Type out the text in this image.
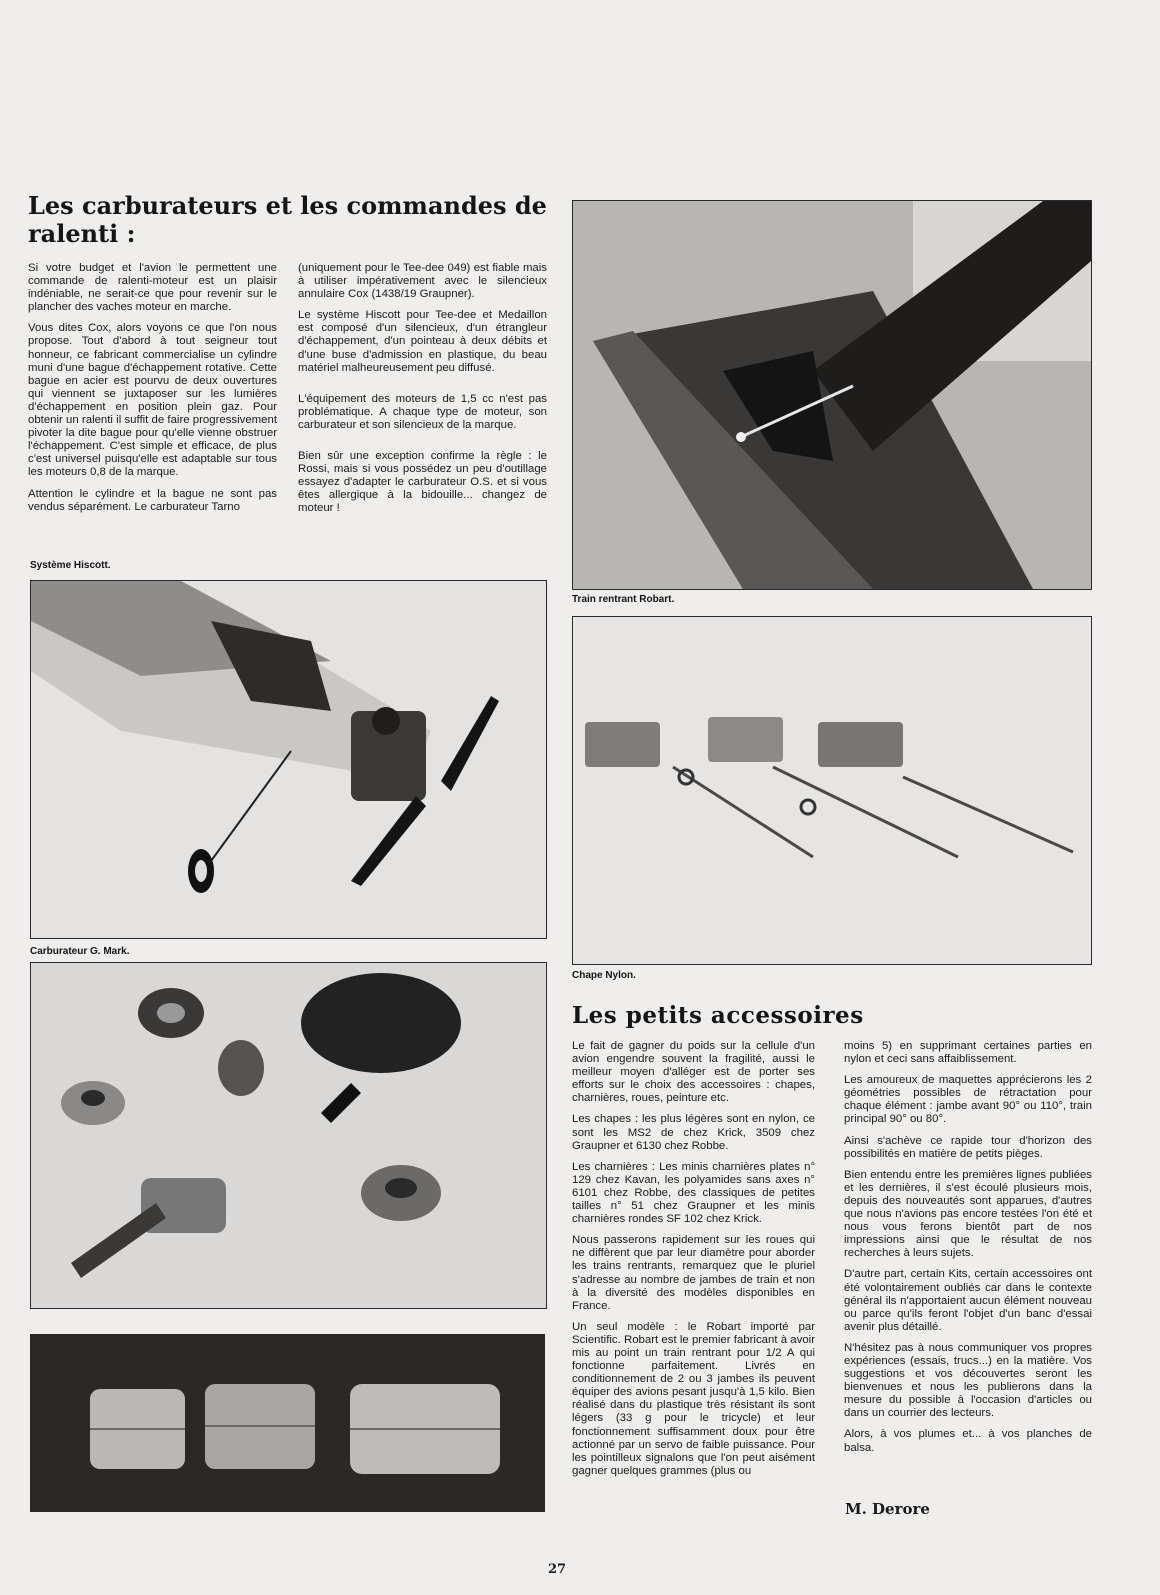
Les carburateurs et les commandes de ralenti :

Si votre budget et l'avion le permettent une commande de ralenti-moteur est un plaisir indéniable, ne serait-ce que pour revenir sur le plancher des vaches moteur en marche.

Vous dites Cox, alors voyons ce que l'on nous propose. Tout d'abord à tout seigneur tout honneur, ce fabricant commercialise un cylindre muni d'une bague d'échappement rotative. Cette bague en acier est pourvu de deux ouvertures qui viennent se juxtaposer sur les lumières d'échappement en position plein gaz. Pour obtenir un ralenti il suffit de faire progressivement pivoter la dite bague pour qu'elle vienne obstruer l'échappement. C'est simple et efficace, de plus c'est universel puisqu'elle est adaptable sur tous les moteurs 0,8 de la marque.

Attention le cylindre et la bague ne sont pas vendus séparément. Le carburateur Tarno

(uniquement pour le Tee-dee 049) est fiable mais à utiliser impérativement avec le silencieux annulaire Cox (1438/19 Graupner).

Le système Hiscott pour Tee-dee et Medaillon est composé d'un silencieux, d'un étrangleur d'échappement, d'un pointeau à deux débits et d'une buse d'admission en plastique, du beau matériel malheureusement peu diffusé.

L'équipement des moteurs de 1,5 cc n'est pas problématique. A chaque type de moteur, son carburateur et son silencieux de la marque.

Bien sûr une exception confirme la règle : le Rossi, mais si vous possédez un peu d'outillage essayez d'adapter le carburateur O.S. et si vous êtes allergique à la bidouille... changez de moteur !

Système Hiscott.
Train rentrant Robart.
Carburateur G. Mark.
Chape Nylon.
Les petits accessoires

Le fait de gagner du poids sur la cellule d'un avion engendre souvent la fragilité, aussi le meilleur moyen d'alléger est de porter ses efforts sur le choix des accessoires : chapes, charnières, roues, peinture etc.

Les chapes : les plus légères sont en nylon, ce sont les MS2 de chez Krick, 3509 chez Graupner et 6130 chez Robbe.

Les charnières : Les minis charnières plates n° 129 chez Kavan, les polyamides sans axes n° 6101 chez Robbe, des classiques de petites tailles n° 51 chez Graupner et les minis charnières rondes SF 102 chez Krick.

Nous passerons rapidement sur les roues qui ne diffèrent que par leur diamètre pour aborder les trains rentrants, remarquez que le pluriel s'adresse au nombre de jambes de train et non à la diversité des modèles disponibles en France.

Un seul modèle : le Robart importé par Scientific. Robart est le premier fabricant à avoir mis au point un train rentrant pour 1/2 A qui fonctionne parfaitement. Livrés en conditionnement de 2 ou 3 jambes ils peuvent équiper des avions pesant jusqu'à 1,5 kilo. Bien réalisé dans du plastique très résistant ils sont légers (33 g pour le tricycle) et leur fonctionnement suffisamment doux pour être actionné par un servo de faible puissance. Pour les pointilleux signalons que l'on peut aisément gagner quelques grammes (plus ou

moins 5) en supprimant certaines parties en nylon et ceci sans affaiblissement.

Les amoureux de maquettes apprécierons les 2 géométries possibles de rétractation pour chaque élément : jambe avant 90° ou 110°, train principal 90° ou 80°.

Ainsi s'achève ce rapide tour d'horizon des possibilités en matière de petits pièges.

Bien entendu entre les premières lignes publiées et les dernières, il s'est écoulé plusieurs mois, depuis des nouveautés sont apparues, d'autres que nous n'avions pas encore testées l'on été et nous vous ferons bientôt part de nos impressions ainsi que le résultat de nos recherches à leurs sujets.

D'autre part, certain Kits, certain accessoires ont été volontairement oubliés car dans le contexte général ils n'apportaient aucun élément nouveau ou parce qu'ils feront l'objet d'un banc d'essai avenir plus détaillé.

N'hésitez pas à nous communiquer vos propres expériences (essais, trucs...) en la matière. Vos suggestions et vos découvertes seront les bienvenues et nous les publierons dans la mesure du possible à l'occasion d'articles ou dans un courrier des lecteurs.

Alors, à vos plumes et... à vos planches de balsa.

M. Derore
27
